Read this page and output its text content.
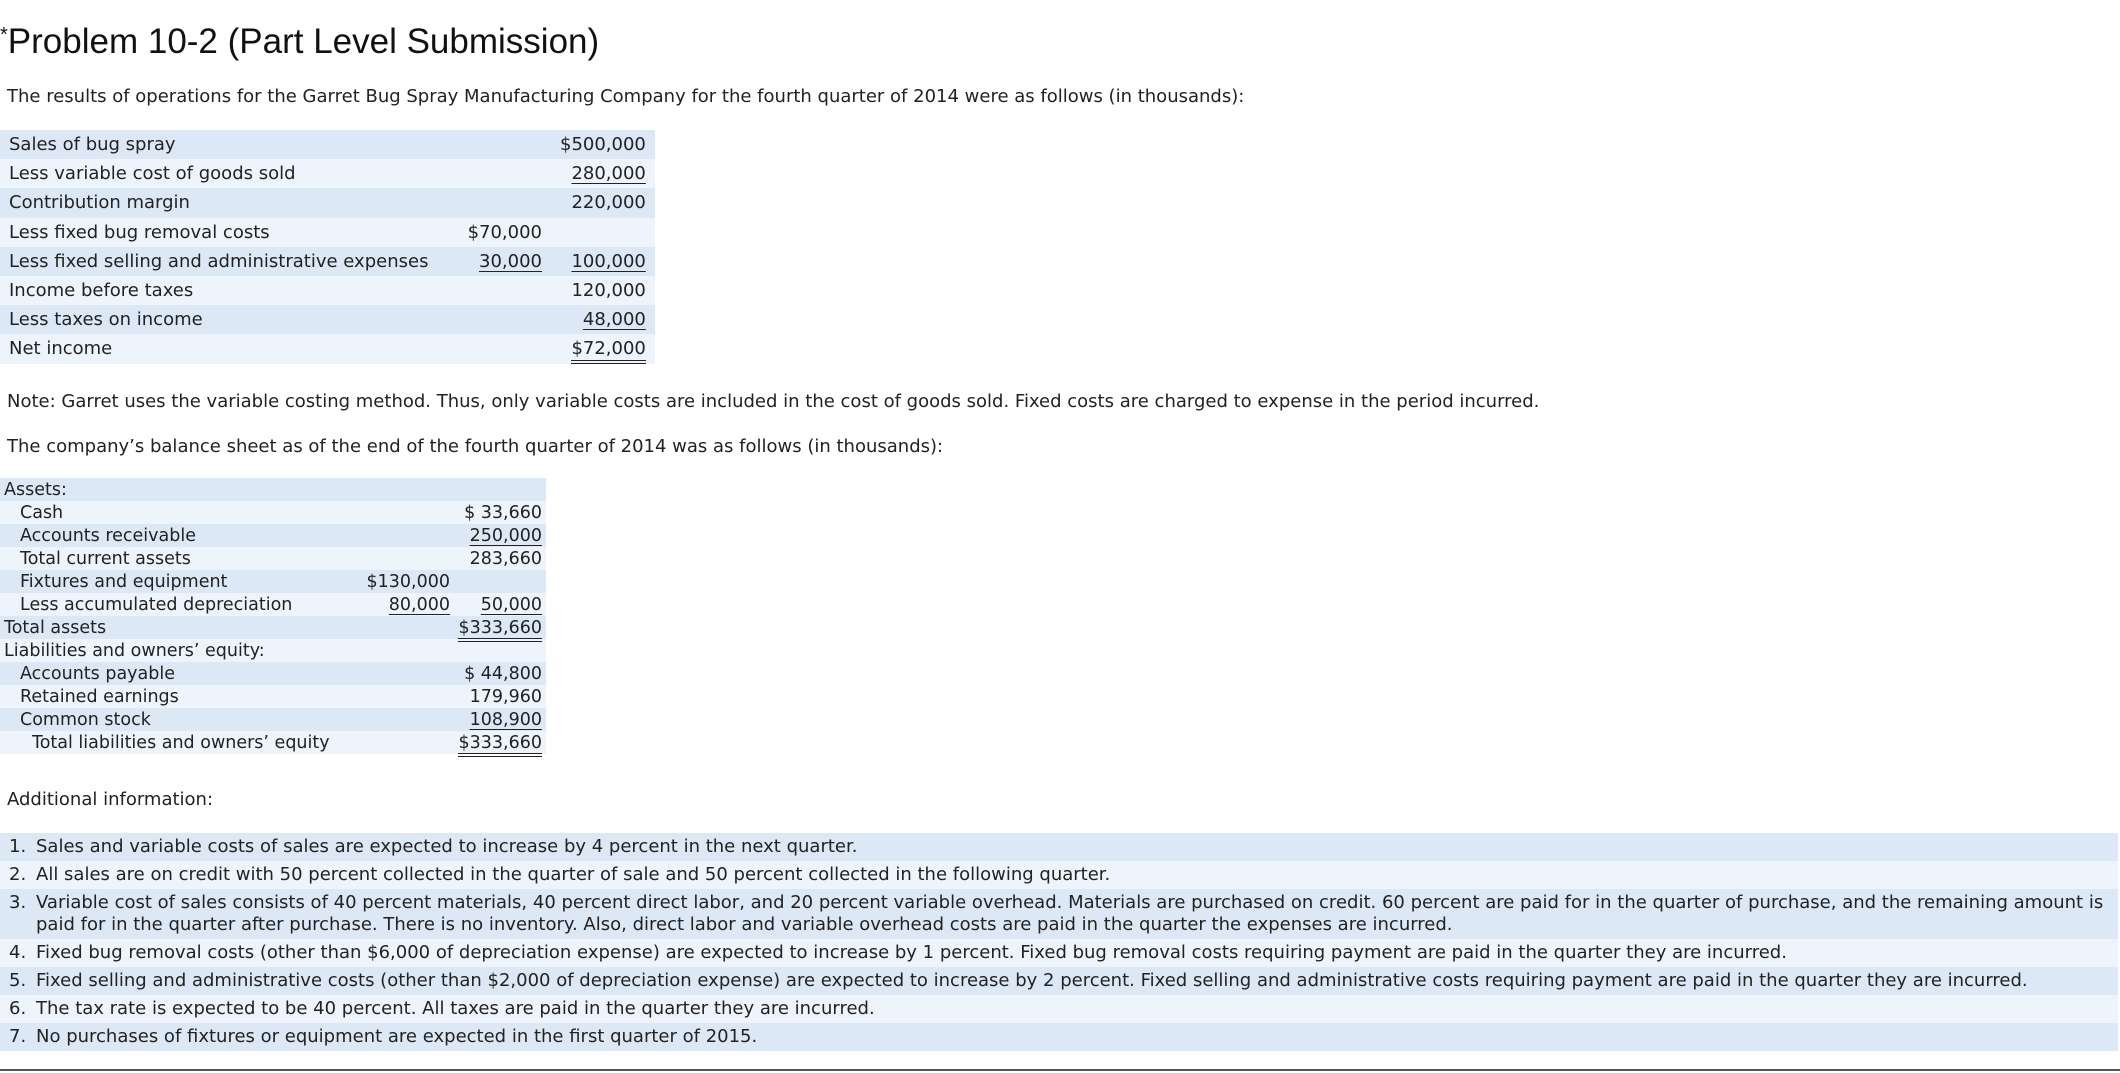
*Problem 10-2 (Part Level Submission)
The results of operations for the Garret Bug Spray Manufacturing Company for the fourth quarter of 2014 were as follows (in thousands):
Sales of bug spray		$500,000
Less variable cost of goods sold		280,000
Contribution margin		220,000
Less fixed bug removal costs	$70,000	
Less fixed selling and administrative expenses	30,000	100,000
Income before taxes		120,000
Less taxes on income		48,000
Net income		$72,000
Note: Garret uses the variable costing method. Thus, only variable costs are included in the cost of goods sold. Fixed costs are charged to expense in the period incurred.
The company’s balance sheet as of the end of the fourth quarter of 2014 was as follows (in thousands):
Assets:		
Cash		$ 33,660
Accounts receivable		250,000
Total current assets		283,660
Fixtures and equipment	$130,000	
Less accumulated depreciation	80,000	50,000
Total assets		$333,660
Liabilities and owners’ equity:		
Accounts payable		$ 44,800
Retained earnings		179,960
Common stock		108,900
Total liabilities and owners’ equity		$333,660
Additional information:
1. Sales and variable costs of sales are expected to increase by 4 percent in the next quarter.
2. All sales are on credit with 50 percent collected in the quarter of sale and 50 percent collected in the following quarter.
3. Variable cost of sales consists of 40 percent materials, 40 percent direct labor, and 20 percent variable overhead. Materials are purchased on credit. 60 percent are paid for in the quarter of purchase, and the remaining amount is paid for in the quarter after purchase. There is no inventory. Also, direct labor and variable overhead costs are paid in the quarter the expenses are incurred.
4. Fixed bug removal costs (other than $6,000 of depreciation expense) are expected to increase by 1 percent. Fixed bug removal costs requiring payment are paid in the quarter they are incurred.
5. Fixed selling and administrative costs (other than $2,000 of depreciation expense) are expected to increase by 2 percent. Fixed selling and administrative costs requiring payment are paid in the quarter they are incurred.
6. The tax rate is expected to be 40 percent. All taxes are paid in the quarter they are incurred.
7. No purchases of fixtures or equipment are expected in the first quarter of 2015.
